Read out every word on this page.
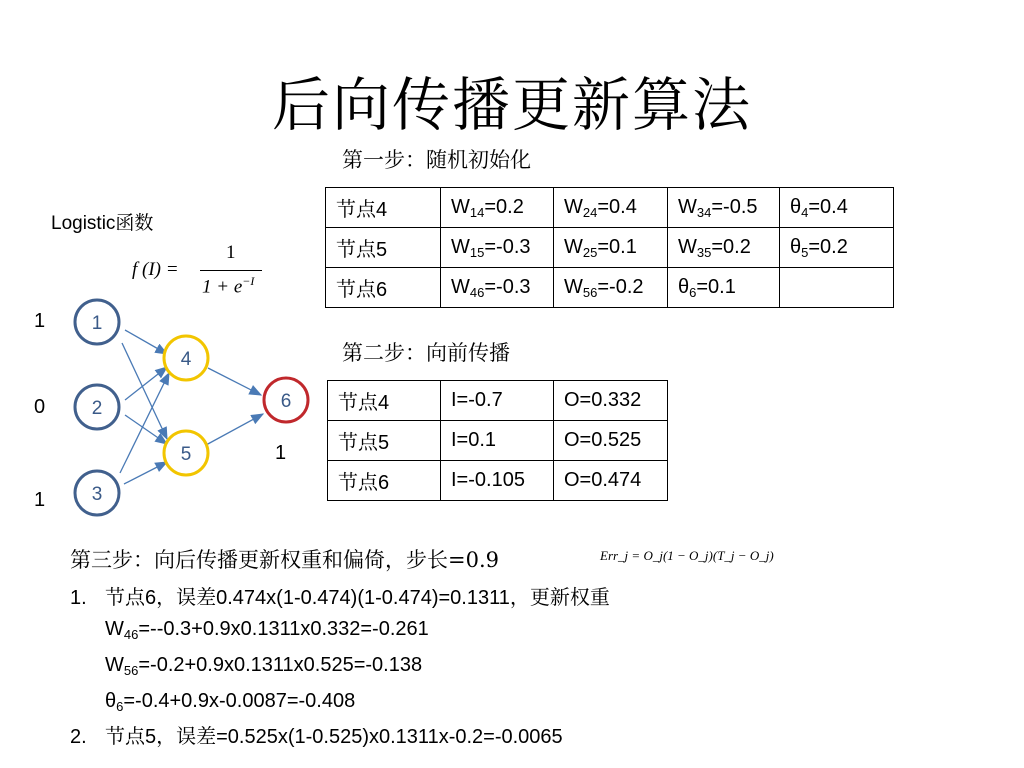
后向传播更新算法
第一步：随机初始化
节点4	$W_{14}=0.2$	$W_{24}=0.4$	$W_{34}=-0.5$	$\theta_4=0.4$
节点5	$W_{15}=-0.3$	$W_{25}=0.1$	$W_{35}=0.2$	$\theta_5=0.2$
节点6	$W_{46}=-0.3$	$W_{56}=-0.2$	$\theta_6=0.1$	
Logistic函数
f (I) =
1
$1 + e^{-I}$
1
2
3
4
5
6
1
0
1
1
第二步：向前传播
节点4	I=-0.7	O=0.332
节点5	I=0.1	O=0.525
节点6	I=-0.105	O=0.474
第三步：向后传播更新权重和偏倚，步长=0.9	Err_j = O_j(1 − O_j)(T_j − O_j)
1. 节点6，误差0.474x(1-0.474)(1-0.474)=0.1311，更新权重
$W_{46}=--0.3+0.9x0.1311x0.332=-0.261$
$W_{56}=-0.2+0.9x0.1311x0.525=-0.138$
$\theta_6=-0.4+0.9x-0.0087=-0.408$
2. 节点5，误差=0.525x(1-0.525)x0.1311x-0.2=-0.0065
